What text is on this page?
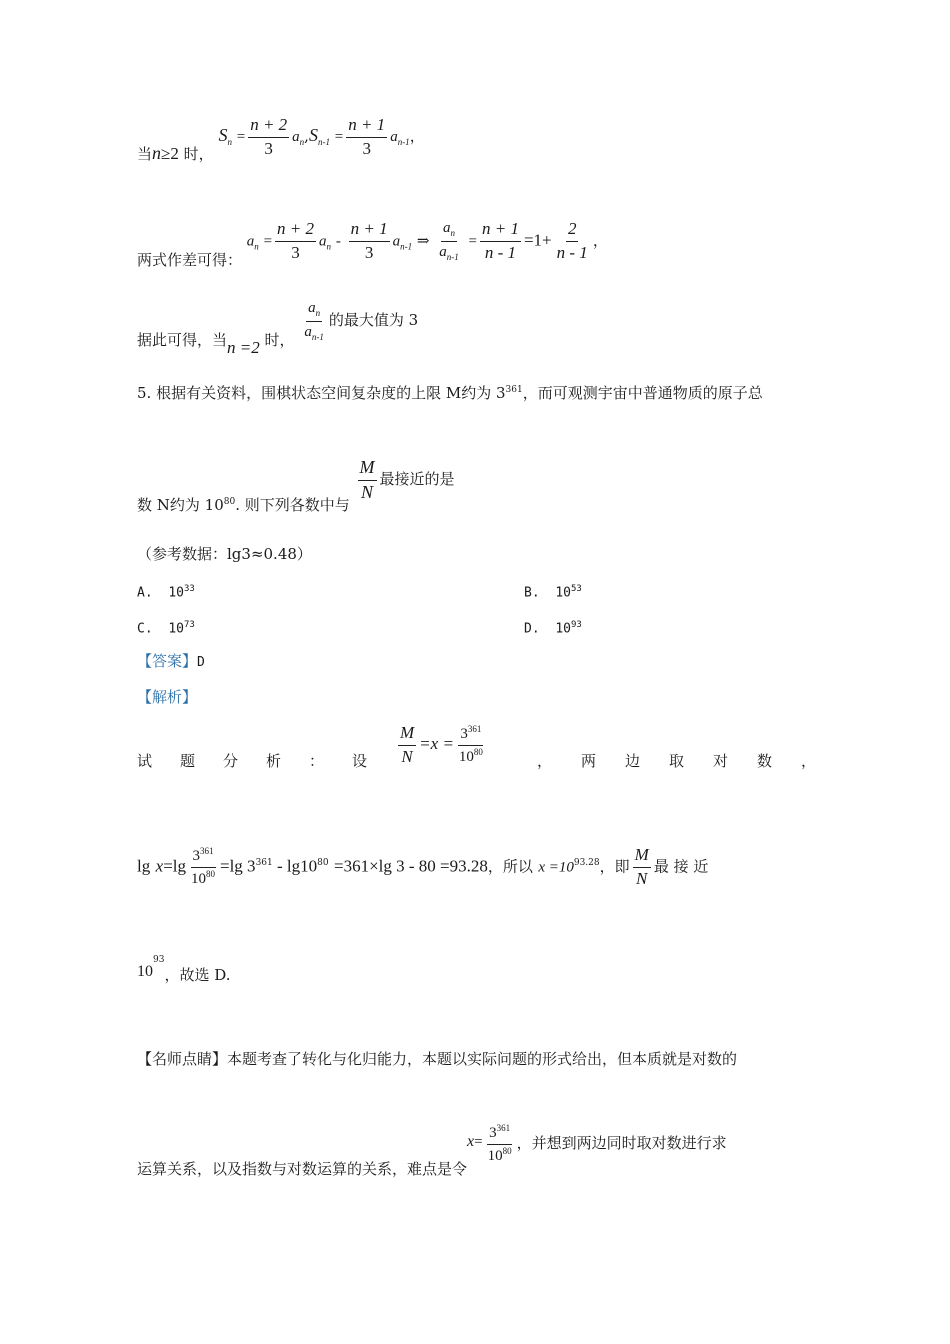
当n≥2 时， $S_n = \frac{n + 2}{3} a_n,S_{n-1} = \frac{n + 1}{3} a_{n-1}$，
两式作差可得： $a_n = \frac{n + 2}{3} a_n - \frac{n + 1}{3} a_{n-1}$ ⇒ $\frac{a_n}{a_{n-1}} = \frac{n + 1}{n - 1} =1+ \frac{2}{n - 1}$ ，
据此可得，当n =2 时， $\frac{a_n}{a_{n-1}}$ 的最大值为 3
5. 根据有关资料，围棋状态空间复杂度的上限 M约为 $3^{361}$，而可观测宇宙中普通物质的原子总
数 N约为 $10^{80}$. 则下列各数中与
$\frac{M}{N}$ 最接近的是
（参考数据：lg3≈0.48）
A. $10^{33}$	B. $10^{53}$
C. $10^{73}$	D. $10^{93}$
【答案】D
【解析】
试 题 分 析 ： 设 $\frac{M}{N} =x = \frac{3^{361}}{10^{80}}$	， 两 边 取 对 数 ，
$\lg x=\lg \frac{3^{361}}{10^{80}} =\lg$ $3^{361} - \lg 10^{80} =361\times\lg$ 3 - 80 =93.28，所以 $x =10^{93.28}$，即 $\frac{M}{N}$ 最 接 近
$10^{93}$，故选 D.
【名师点睛】本题考查了转化与化归能力，本题以实际问题的形式给出，但本质就是对数的
运算关系，以及指数与对数运算的关系，难点是令$x= \frac{3^{361}}{10^{80}}$ ，并想到两边同时取对数进行求
